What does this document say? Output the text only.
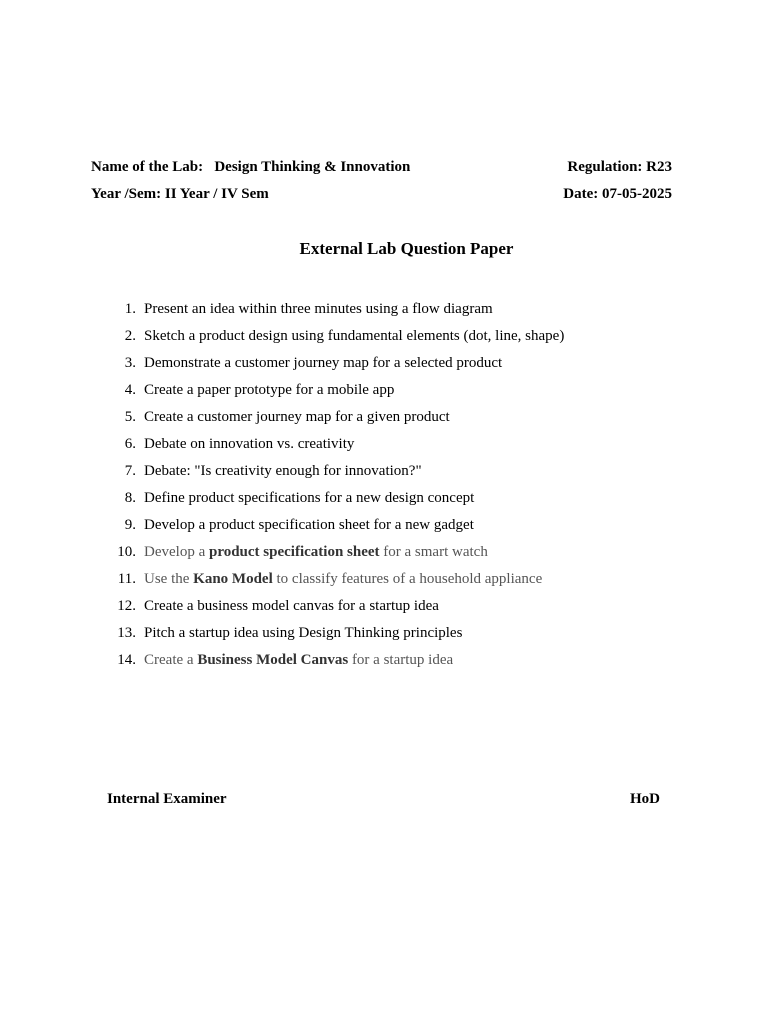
Name of the Lab: Design Thinking & Innovation	Regulation: R23
Year /Sem: II Year / IV Sem	Date: 07-05-2025
External Lab Question Paper
1. Present an idea within three minutes using a flow diagram
2. Sketch a product design using fundamental elements (dot, line, shape)
3. Demonstrate a customer journey map for a selected product
4. Create a paper prototype for a mobile app
5. Create a customer journey map for a given product
6. Debate on innovation vs. creativity
7. Debate: "Is creativity enough for innovation?"
8. Define product specifications for a new design concept
9. Develop a product specification sheet for a new gadget
10. Develop a product specification sheet for a smart watch
11. Use the Kano Model to classify features of a household appliance
12. Create a business model canvas for a startup idea
13. Pitch a startup idea using Design Thinking principles
14. Create a Business Model Canvas for a startup idea
Internal Examiner	HoD
